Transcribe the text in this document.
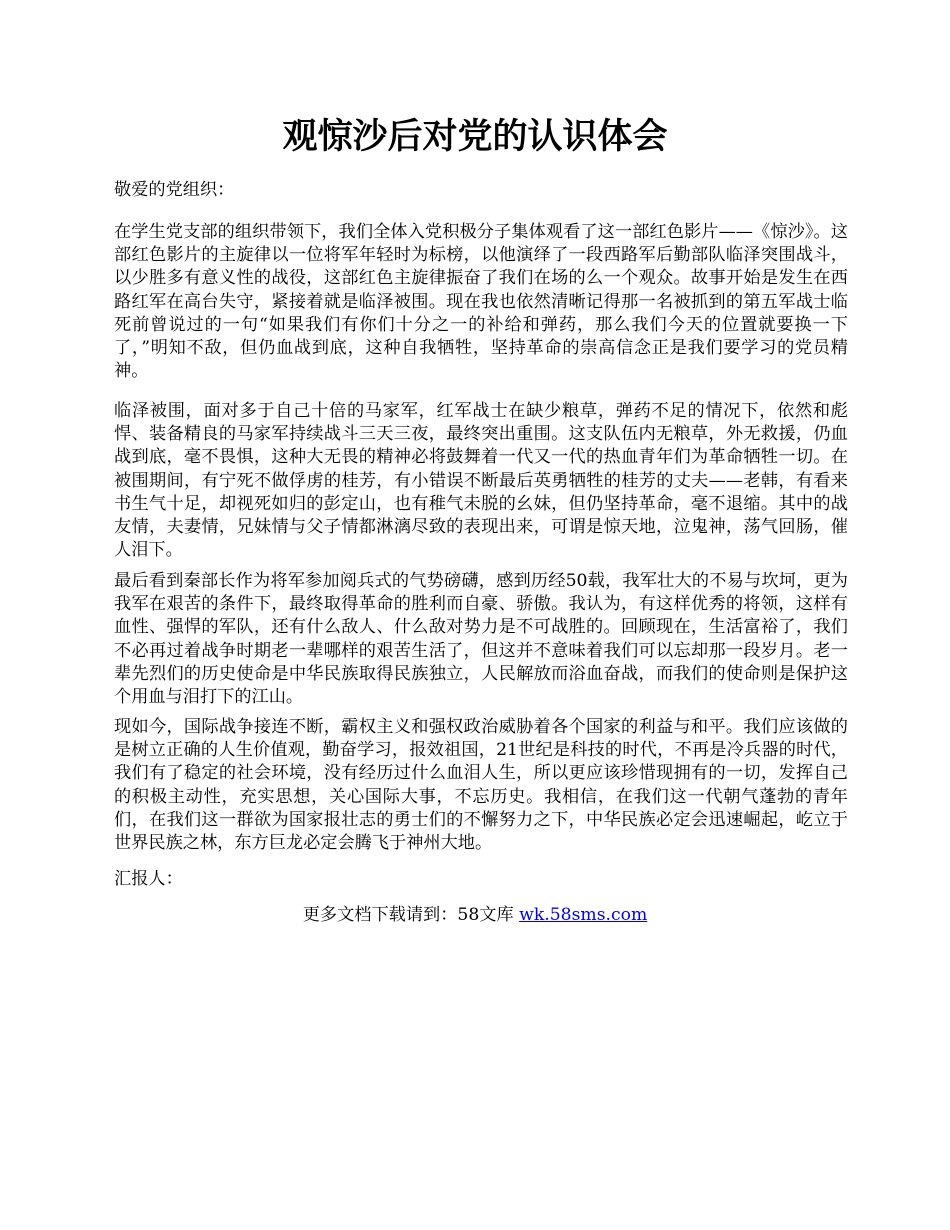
观惊沙后对党的认识体会

敬爱的党组织：

在学生党支部的组织带领下，我们全体入党积极分子集体观看了这一部红色影片——《惊沙》。这部红色影片的主旋律以一位将军年轻时为标榜，以他演绎了一段西路军后勤部队临泽突围战斗，以少胜多有意义性的战役，这部红色主旋律振奋了我们在场的么一个观众。故事开始是发生在西路红军在高台失守，紧接着就是临泽被围。现在我也依然清晰记得那一名被抓到的第五军战士临死前曾说过的一句“如果我们有你们十分之一的补给和弹药，那么我们今天的位置就要换一下了，”明知不敌，但仍血战到底，这种自我牺牲，坚持革命的崇高信念正是我们要学习的党员精神。

临泽被围，面对多于自己十倍的马家军，红军战士在缺少粮草，弹药不足的情况下，依然和彪悍、装备精良的马家军持续战斗三天三夜，最终突出重围。这支队伍内无粮草，外无救援，仍血战到底，毫不畏惧，这种大无畏的精神必将鼓舞着一代又一代的热血青年们为革命牺牲一切。在被围期间，有宁死不做俘虏的桂芳，有小错误不断最后英勇牺牲的桂芳的丈夫——老韩，有看来书生气十足，却视死如归的彭定山，也有稚气未脱的幺妹，但仍坚持革命，毫不退缩。其中的战友情，夫妻情，兄妹情与父子情都淋漓尽致的表现出来，可谓是惊天地，泣鬼神，荡气回肠，催人泪下。

最后看到秦部长作为将军参加阅兵式的气势磅礴，感到历经50载，我军壮大的不易与坎坷，更为我军在艰苦的条件下，最终取得革命的胜利而自豪、骄傲。我认为，有这样优秀的将领，这样有血性、强悍的军队，还有什么敌人、什么敌对势力是不可战胜的。回顾现在，生活富裕了，我们不必再过着战争时期老一辈哪样的艰苦生活了，但这并不意味着我们可以忘却那一段岁月。老一辈先烈们的历史使命是中华民族取得民族独立，人民解放而浴血奋战，而我们的使命则是保护这个用血与泪打下的江山。

现如今，国际战争接连不断，霸权主义和强权政治威胁着各个国家的利益与和平。我们应该做的是树立正确的人生价值观，勤奋学习，报效祖国，21世纪是科技的时代，不再是冷兵器的时代，我们有了稳定的社会环境，没有经历过什么血泪人生，所以更应该珍惜现拥有的一切，发挥自己的积极主动性，充实思想，关心国际大事，不忘历史。我相信，在我们这一代朝气蓬勃的青年们，在我们这一群欲为国家报壮志的勇士们的不懈努力之下，中华民族必定会迅速崛起，屹立于世界民族之林，东方巨龙必定会腾飞于神州大地。

汇报人：

更多文档下载请到：58文库 wk.58sms.com
